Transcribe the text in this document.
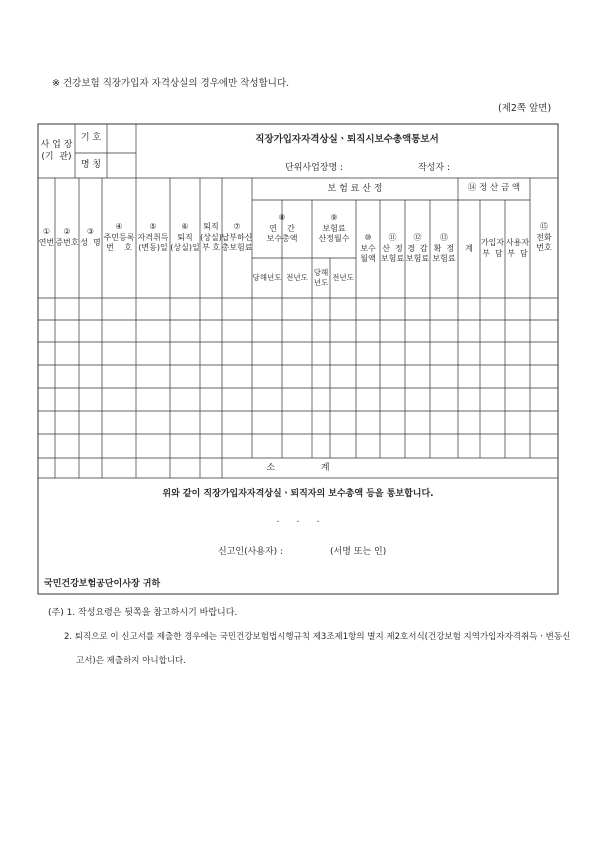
※ 건강보험 직장가입자 자격상실의 경우에만 작성합니다.
(제2쪽 앞면)
사 업 장
(기  관)
기 호
명 칭
직장가입자자격상실ㆍ퇴직시보수총액통보서
단위사업장명 :	작성자 :
①
연번
②
증번호
③
성  명
④
주민등록
번    호
⑤
자격취득
(변동)일
⑥
퇴직
(상실)일
퇴직
(상실)
부 호
⑦
납부하신
총보험료
보 험 료 산 정
⑧
연    간
보수총액
당해년도 전년도
⑨
보험료
산정월수
당해
년도
전년도
⑩
보수
월액
⑪
산  정
보험료
⑫
경  감
보험료
⑬
확  정
보험료
⑭ 정 산 금 액
계
가입자
부  담
사용자
부  담
⑮
전화
번호
소                계
위와 같이 직장가입자자격상실ㆍ퇴직자의 보수총액 등을 통보합니다.
.      .      .
신고인(사용자) :	(서명 또는 인)
국민건강보험공단이사장 귀하
(주) 1. 작성요령은 뒷쪽을 참고하시기 바랍니다.
2. 퇴직으로 이 신고서를 제출한 경우에는 국민건강보험법시행규칙 제3조제1항의 별지 제2호서식(건강보험 지역가입자자격취득ㆍ변동신
고서)은 제출하지 아니합니다.
